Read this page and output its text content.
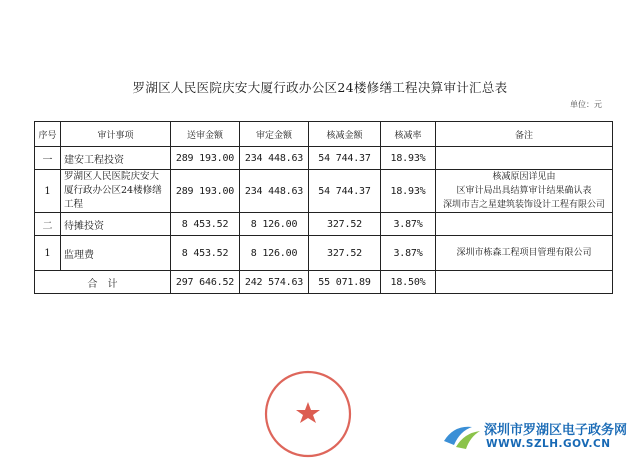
罗湖区人民医院庆安大厦行政办公区24楼修缮工程决算审计汇总表
单位：元
序号	审计事项	送审金额	审定金额	核减金额	核减率	备注
一	建安工程投资	289 193.00	234 448.63	54 744.37	18.93%	
1	罗湖区人民医院庆安大厦行政办公区24楼修缮工程	289 193.00	234 448.63	54 744.37	18.93%	核减原因详见由
区审计局出具结算审计结果确认表
深圳市吉之星建筑装饰设计工程有限公司

二	待摊投资	8 453.52	8 126.00	327.52	3.87%	
1	监理费	8 453.52	8 126.00	327.52	3.87%	深圳市栋森工程项目管理有限公司
合　计		297 646.52	242 574.63	55 071.89	18.50%	
深圳市罗湖区电子政务网
WWW.SZLH.GOV.CN
